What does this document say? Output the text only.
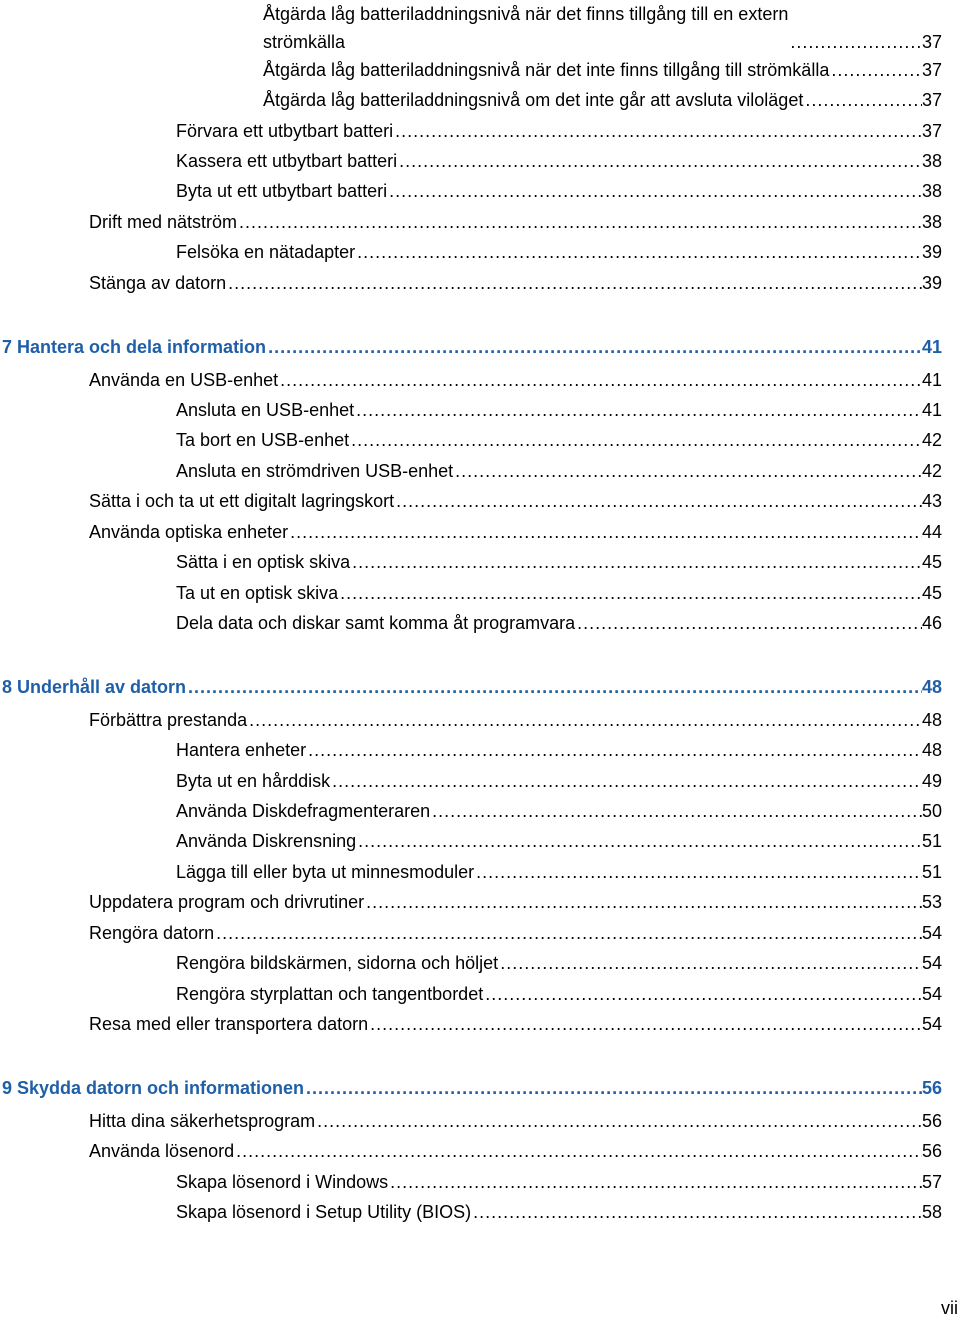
Åtgärda låg batteriladdningsnivå när det finns tillgång till en extern
strömkälla .....	37
Åtgärda låg batteriladdningsnivå när det inte finns tillgång till strömkälla .....	37
Åtgärda låg batteriladdningsnivå om det inte går att avsluta viloläget .....	37
Förvara ett utbytbart batteri .....	37
Kassera ett utbytbart batteri .....	38
Byta ut ett utbytbart batteri .....	38
Drift med nätström .....	38
Felsöka en nätadapter .....	39
Stänga av datorn .....	39
7 Hantera och dela information .....	41
Använda en USB-enhet .....	41
Ansluta en USB-enhet .....	41
Ta bort en USB-enhet .....	42
Ansluta en strömdriven USB-enhet .....	42
Sätta i och ta ut ett digitalt lagringskort .....	43
Använda optiska enheter .....	44
Sätta i en optisk skiva .....	45
Ta ut en optisk skiva .....	45
Dela data och diskar samt komma åt programvara .....	46
8 Underhåll av datorn .....	48
Förbättra prestanda .....	48
Hantera enheter .....	48
Byta ut en hårddisk .....	49
Använda Diskdefragmenteraren .....	50
Använda Diskrensning .....	51
Lägga till eller byta ut minnesmoduler .....	51
Uppdatera program och drivrutiner .....	53
Rengöra datorn .....	54
Rengöra bildskärmen, sidorna och höljet .....	54
Rengöra styrplattan och tangentbordet .....	54
Resa med eller transportera datorn .....	54
9 Skydda datorn och informationen .....	56
Hitta dina säkerhetsprogram .....	56
Använda lösenord .....	56
Skapa lösenord i Windows .....	57
Skapa lösenord i Setup Utility (BIOS) .....	58
vii
